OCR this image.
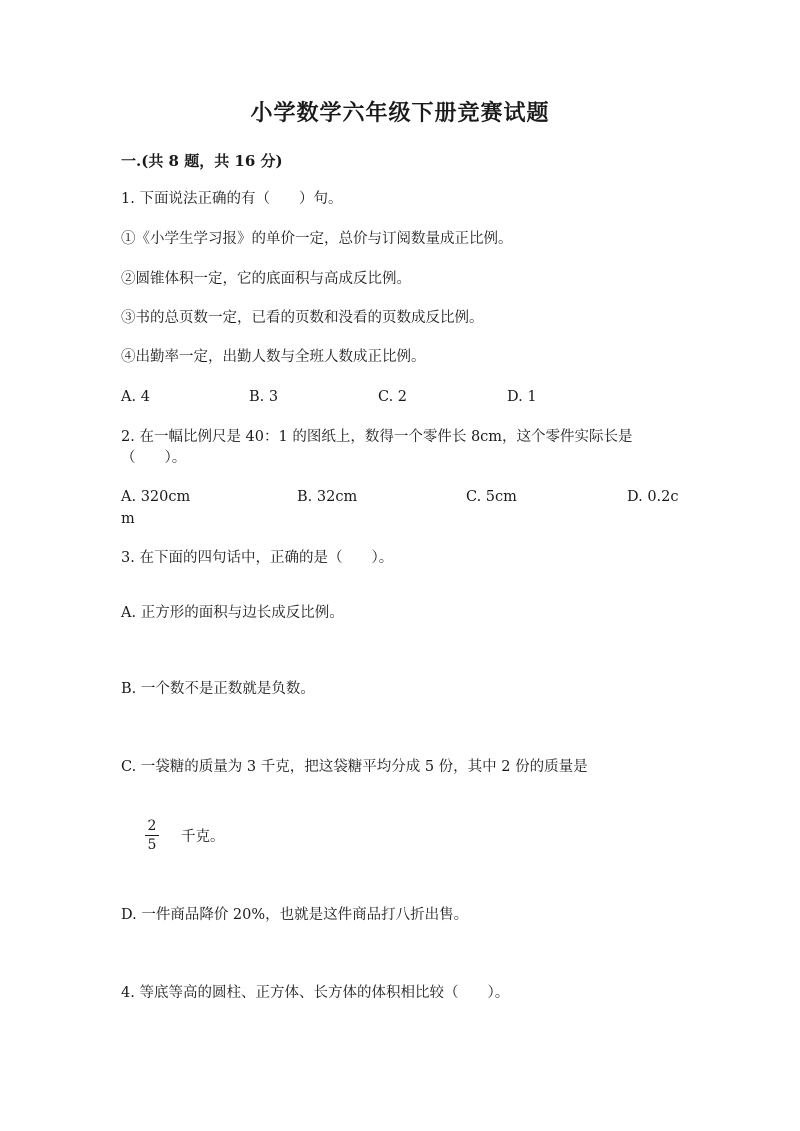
小学数学六年级下册竞赛试题
一.(共 8 题，共 16 分)
1. 下面说法正确的有（　　）句。
①《小学生学习报》的单价一定，总价与订阅数量成正比例。
②圆锥体积一定，它的底面积与高成反比例。
③书的总页数一定，已看的页数和没看的页数成反比例。
④出勤率一定，出勤人数与全班人数成正比例。
A. 4	B. 3	C. 2	D. 1
2. 在一幅比例尺是 40：1 的图纸上，数得一个零件长 8cm，这个零件实际长是
（　　）。
A. 320cm	B. 32cm	C. 5cm	D. 0.2c
m
3. 在下面的四句话中，正确的是（　　）。
A. 正方形的面积与边长成反比例。
B. 一个数不是正数就是负数。
C. 一袋糖的质量为 3 千克，把这袋糖平均分成 5 份，其中 2 份的质量是
2
5	千克。
D. 一件商品降价 20%，也就是这件商品打八折出售。
4. 等底等高的圆柱、正方体、长方体的体积相比较（　　）。
